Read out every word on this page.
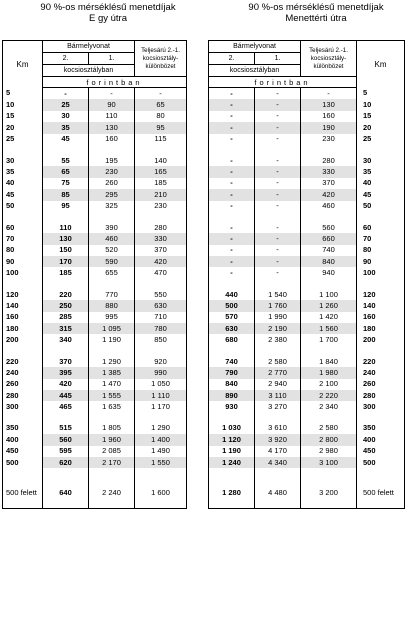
90 %-os mérséklésű menetdíjak
E gy útra
90 %-os mérséklésű menetdíjak
Menettérti útra
Km	Bármelyvonat		Teljesárú 2.-1. kocsiosztály-különbözet
	2.	1.	
	kocsiosztályban		
	forintban		
5	-	-	-
10	25	90	65
15	30	110	80
20	35	130	95
25	45	160	115

30	55	195	140
35	65	230	165
40	75	260	185
45	85	295	210
50	95	325	230

60	110	390	280
70	130	460	330
80	150	520	370
90	170	590	420
100	185	655	470

120	220	770	550
140	250	880	630
160	285	995	710
180	315	1 095	780
200	340	1 190	850

220	370	1 290	920
240	395	1 385	990
260	420	1 470	1 050
280	445	1 555	1 110
300	465	1 635	1 170

350	515	1 805	1 290
400	560	1 960	1 400
450	595	2 085	1 490
500	620	2 170	1 550

500 felett	640	2 240	1 600
Bármelyvonat		Teljesárú 2.-1. kocsiosztály-különbözet	Km
2.	1.		
kocsiosztályban			
forintban			
-	-	-	5
-	-	130	10
-	-	160	15
-	-	190	20
-	-	230	25

-	-	280	30
-	-	330	35
-	-	370	40
-	-	420	45
-	-	460	50

-	-	560	60
-	-	660	70
-	-	740	80
-	-	840	90
-	-	940	100

440	1 540	1 100	120
500	1 760	1 260	140
570	1 990	1 420	160
630	2 190	1 560	180
680	2 380	1 700	200

740	2 580	1 840	220
790	2 770	1 980	240
840	2 940	2 100	260
890	3 110	2 220	280
930	3 270	2 340	300

1 030	3 610	2 580	350
1 120	3 920	2 800	400
1 190	4 170	2 980	450
1 240	4 340	3 100	500

1 280	4 480	3 200	500 felett
